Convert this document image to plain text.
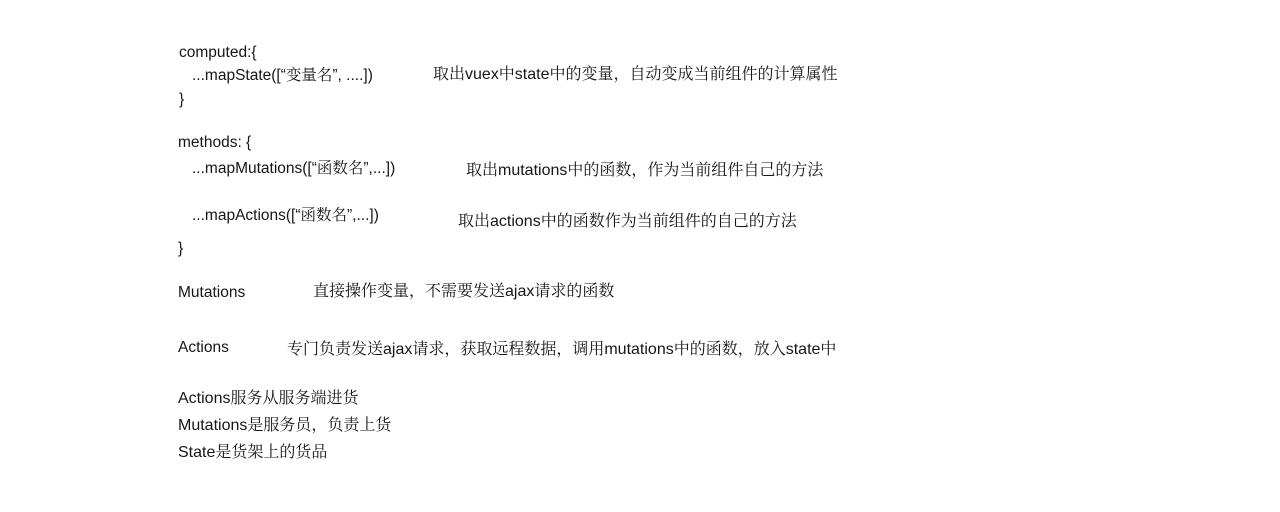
computed:{
...mapState([“变量名”, ....])	取出vuex中state中的变量，自动变成当前组件的计算属性
}
methods: {
...mapMutations([“函数名”,...])	取出mutations中的函数，作为当前组件自己的方法
...mapActions([“函数名”,...])	取出actions中的函数作为当前组件的自己的方法
}
Mutations	直接操作变量，不需要发送ajax请求的函数
Actions	专门负责发送ajax请求，获取远程数据，调用mutations中的函数，放入state中
Actions服务从服务端进货
Mutations是服务员，负责上货
State是货架上的货品
